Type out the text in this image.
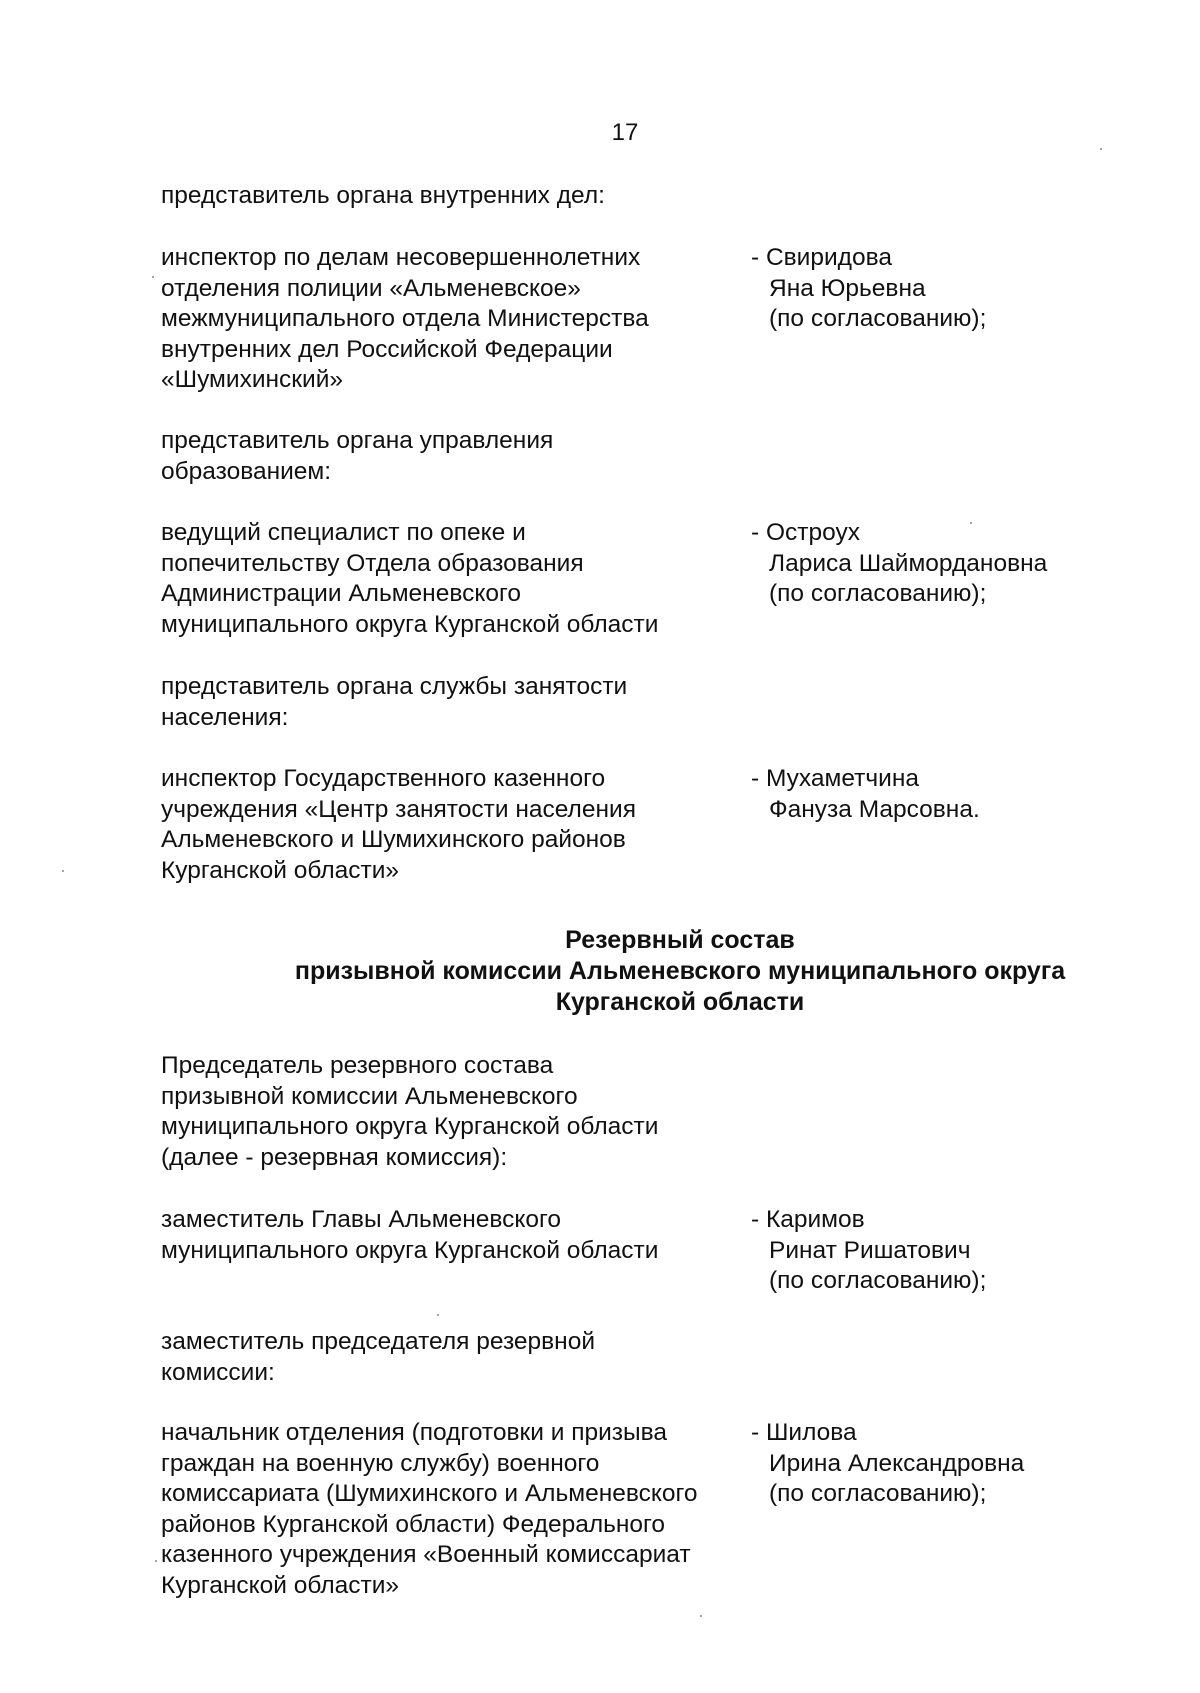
17
представитель органа внутренних дел:
инспектор по делам несовершеннолетних
отделения полиции «Альменевское»
межмуниципального отдела Министерства
внутренних дел Российской Федерации
«Шумихинский»
- Свиридова
Яна Юрьевна
(по согласованию);
представитель органа управления
образованием:
ведущий специалист по опеке и
попечительству Отдела образования
Администрации Альменевского
муниципального округа Курганской области
- Остроух
Лариса Шаймордановна
(по согласованию);
представитель органа службы занятости
населения:
инспектор Государственного казенного
учреждения «Центр занятости населения
Альменевского и Шумихинского районов
Курганской области»
- Мухаметчина
Фануза Марсовна.
Резервный состав
призывной комиссии Альменевского муниципального округа
Курганской области
Председатель резервного состава
призывной комиссии Альменевского
муниципального округа Курганской области
(далее - резервная комиссия):
заместитель Главы Альменевского
муниципального округа Курганской области
- Каримов
Ринат Ришатович
(по согласованию);
заместитель председателя резервной
комиссии:
начальник отделения (подготовки и призыва
граждан на военную службу) военного
комиссариата (Шумихинского и Альменевского
районов Курганской области) Федерального
казенного учреждения «Военный комиссариат
Курганской области»
- Шилова
Ирина Александровна
(по согласованию);
